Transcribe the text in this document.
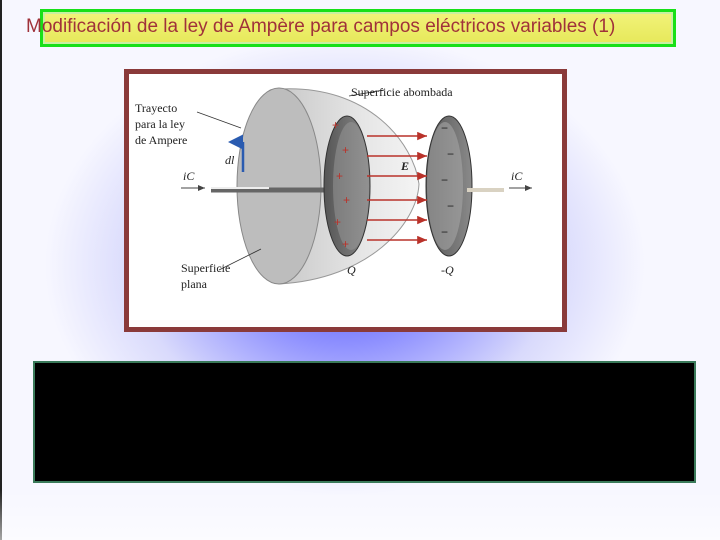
Modificación de la ley de Ampère para campos eléctricos variables (1)
+
+
+
+
+
+
−
−
−
−
−
Superficie abombada
Trayecto
para la ley
de Ampere
dl
iC	iC
E
Superficie
plana
Q	-Q
